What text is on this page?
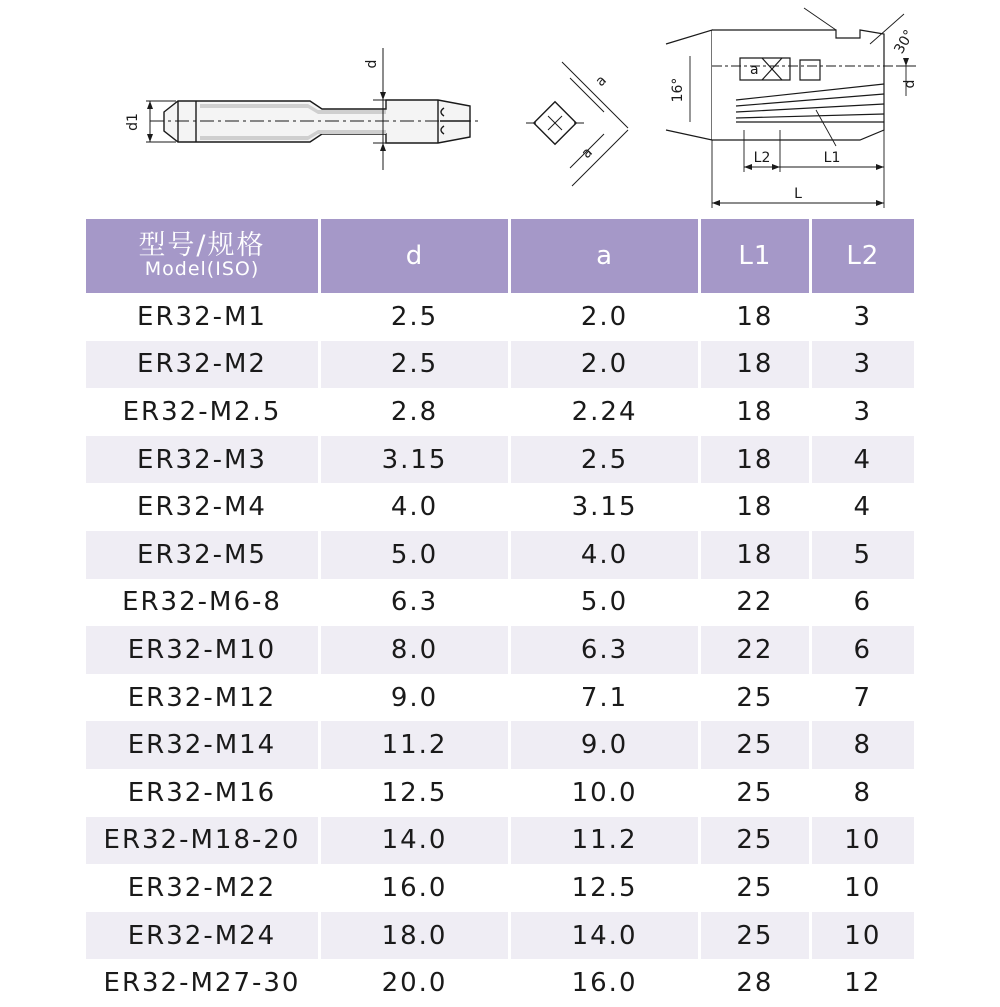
d1
d
a
a
30°
16°
a
d
L2	L1
L
型号/规格
Model(ISO)	d	a	L1	L2
ER32-M1	2.5	2.0	18	3
ER32-M2	2.5	2.0	18	3
ER32-M2.5	2.8	2.24	18	3
ER32-M3	3.15	2.5	18	4
ER32-M4	4.0	3.15	18	4
ER32-M5	5.0	4.0	18	5
ER32-M6-8	6.3	5.0	22	6
ER32-M10	8.0	6.3	22	6
ER32-M12	9.0	7.1	25	7
ER32-M14	11.2	9.0	25	8
ER32-M16	12.5	10.0	25	8
ER32-M18-20	14.0	11.2	25	10
ER32-M22	16.0	12.5	25	10
ER32-M24	18.0	14.0	25	10
ER32-M27-30	20.0	16.0	28	12
